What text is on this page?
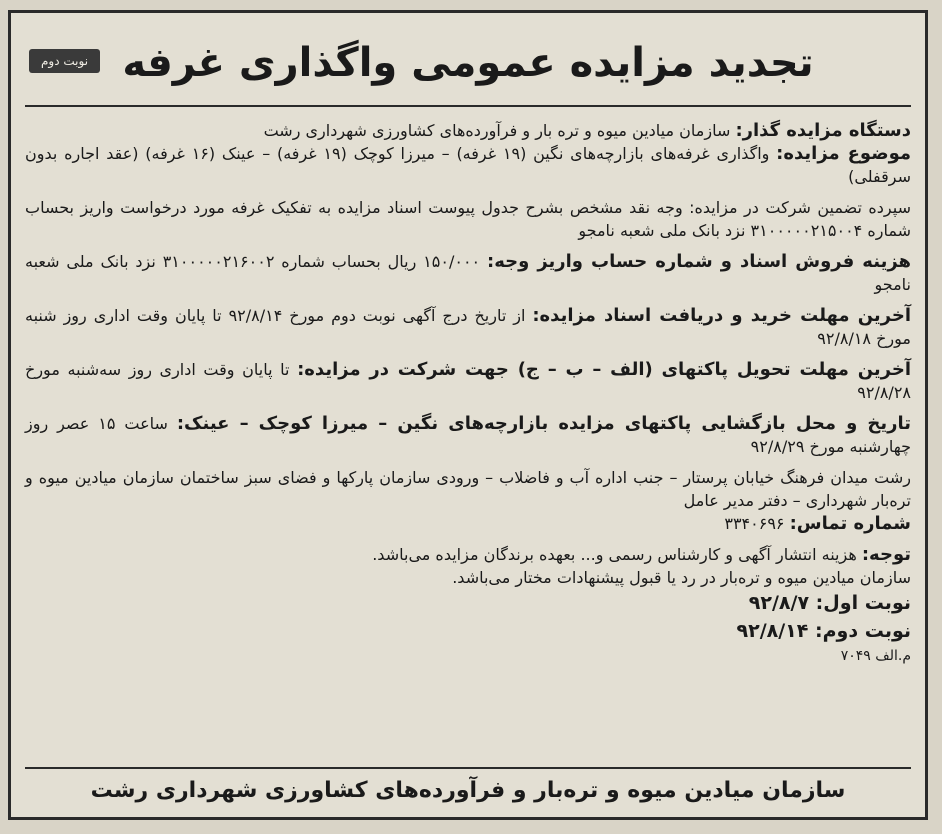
تجدید مزایده عمومی واگذاری غرفه
نوبت دوم

دستگاه مزایده گذار: سازمان میادین میوه و تره بار و فرآورده‌های کشاورزی شهرداری رشت

موضوع مزایده: واگذاری غرفه‌های بازارچه‌های نگین (۱۹ غرفه) – میرزا کوچک (۱۹ غرفه) – عینک (۱۶ غرفه) (عقد اجاره بدون سرقفلی)

سپرده تضمین شرکت در مزایده: وجه نقد مشخص بشرح جدول پیوست اسناد مزایده به تفکیک غرفه مورد درخواست واریز بحساب شماره ۳۱۰۰۰۰۰۲۱۵۰۰۴ نزد بانک ملی شعبه نامجو

هزینه فروش اسناد و شماره حساب واریز وجه: ۱۵۰/۰۰۰ ریال بحساب شماره ۳۱۰۰۰۰۰۲۱۶۰۰۲ نزد بانک ملی شعبه نامجو

آخرین مهلت خرید و دریافت اسناد مزایده: از تاریخ درج آگهی نوبت دوم مورخ ۹۲/۸/۱۴ تا پایان وقت اداری روز شنبه مورخ ۹۲/۸/۱۸

آخرین مهلت تحویل پاکتهای (الف – ب – ج) جهت شرکت در مزایده: تا پایان وقت اداری روز سه‌شنبه مورخ ۹۲/۸/۲۸

تاریخ و محل بازگشایی پاکتهای مزایده بازارچه‌های نگین – میرزا کوچک – عینک: ساعت ۱۵ عصر روز چهارشنبه مورخ ۹۲/۸/۲۹

رشت میدان فرهنگ خیابان پرستار – جنب اداره آب و فاضلاب – ورودی سازمان پارکها و فضای سبز ساختمان سازمان میادین میوه و تره‌بار شهرداری – دفتر مدیر عامل

شماره تماس: ۳۳۴۰۶۹۶

توجه: هزینه انتشار آگهی و کارشناس رسمی و... بعهده برندگان مزایده می‌باشد.

سازمان میادین میوه و تره‌بار در رد یا قبول پیشنهادات مختار می‌باشد.

نوبت اول: ۹۲/۸/۷

نوبت دوم: ۹۲/۸/۱۴

م.الف ۷۰۴۹

سازمان میادین میوه و تره‌بار و فرآورده‌های کشاورزی شهرداری رشت
